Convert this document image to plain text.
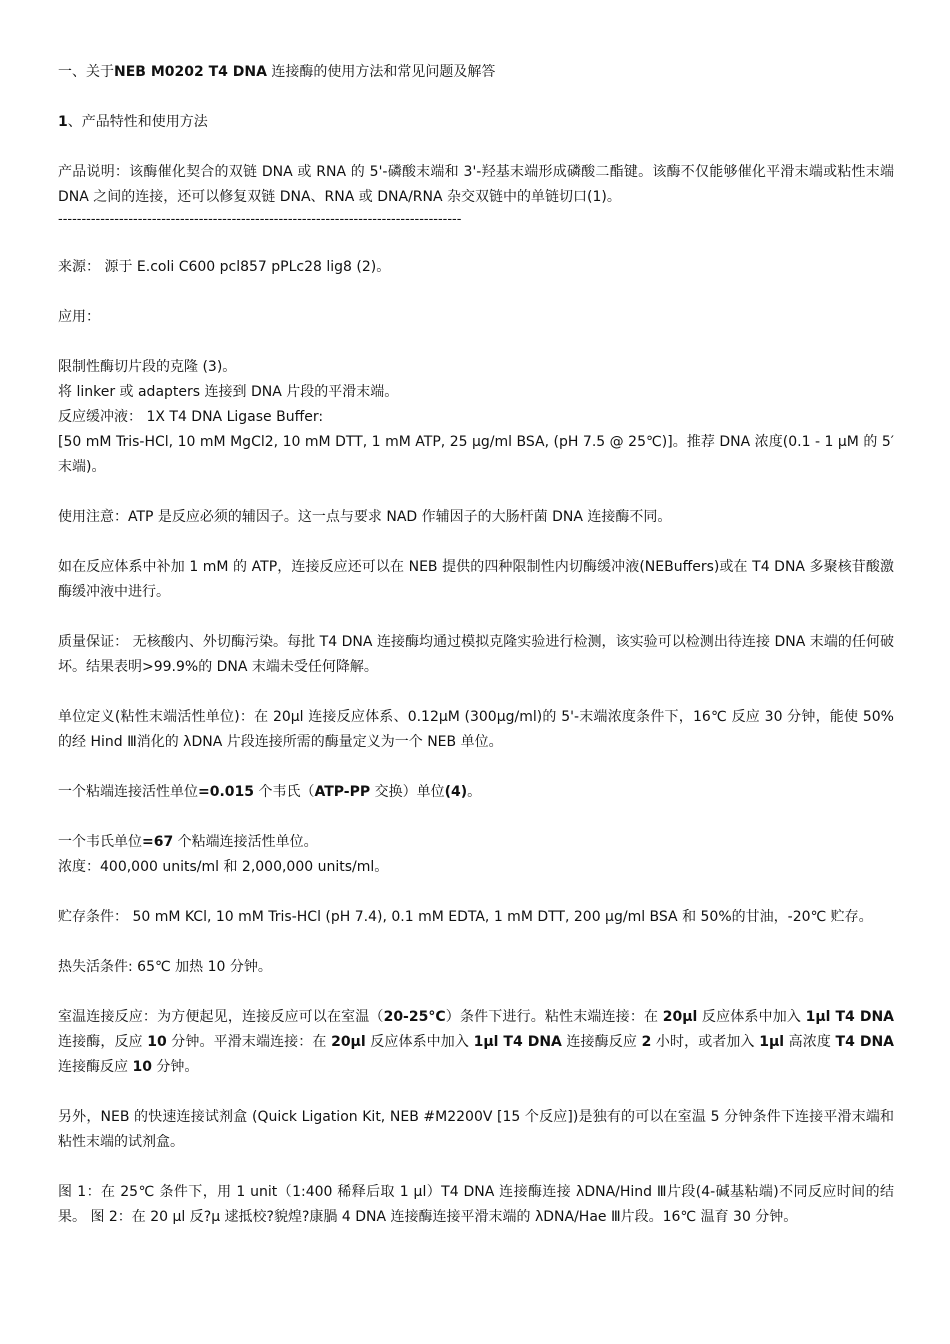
一、关于NEB M0202 T4 DNA 连接酶的使用方法和常见问题及解答

1、产品特性和使用方法

产品说明：该酶催化契合的双链 DNA 或 RNA 的 5'-磷酸末端和 3'-羟基末端形成磷酸二酯键。该酶不仅能够催化平滑末端或粘性末端 DNA 之间的连接，还可以修复双链 DNA、RNA 或 DNA/RNA 杂交双链中的单链切口(1)。

--------------------------------------------------------------------------------------

来源： 源于 E.coli C600 pcl857 pPLc28 lig8 (2)。

应用：

限制性酶切片段的克隆 (3)。

将 linker 或 adapters 连接到 DNA 片段的平滑末端。

反应缓冲液： 1X T4 DNA Ligase Buffer:

[50 mM Tris-HCl, 10 mM MgCl2, 10 mM DTT, 1 mM ATP, 25 μg/ml BSA, (pH 7.5 @ 25℃)]。推荐 DNA 浓度(0.1 - 1 μM 的 5′末端)。

使用注意：ATP 是反应必须的辅因子。这一点与要求 NAD 作辅因子的大肠杆菌 DNA 连接酶不同。

如在反应体系中补加 1 mM 的 ATP，连接反应还可以在 NEB 提供的四种限制性内切酶缓冲液(NEBuffers)或在 T4 DNA 多聚核苷酸激酶缓冲液中进行。

质量保证： 无核酸内、外切酶污染。每批 T4 DNA 连接酶均通过模拟克隆实验进行检测，该实验可以检测出待连接 DNA 末端的任何破坏。结果表明>99.9%的 DNA 末端未受任何降解。

单位定义(粘性末端活性单位)：在 20μl 连接反应体系、0.12μM (300μg/ml)的 5'-末端浓度条件下，16℃ 反应 30 分钟，能使 50% 的经 Hind Ⅲ消化的 λDNA 片段连接所需的酶量定义为一个 NEB 单位。

一个粘端连接活性单位=0.015 个韦氏（ATP-PP 交换）单位(4)。

一个韦氏单位=67 个粘端连接活性单位。

浓度：400,000 units/ml 和 2,000,000 units/ml。

贮存条件： 50 mM KCl, 10 mM Tris-HCl (pH 7.4), 0.1 mM EDTA, 1 mM DTT, 200 μg/ml BSA 和 50%的甘油，-20℃ 贮存。

热失活条件: 65℃ 加热 10 分钟。

室温连接反应：为方便起见，连接反应可以在室温（20-25°C）条件下进行。粘性末端连接：在 20μl 反应体系中加入 1μl T4 DNA 连接酶，反应 10 分钟。平滑末端连接：在 20μl 反应体系中加入 1μl T4 DNA 连接酶反应 2 小时，或者加入 1μl 高浓度 T4 DNA 连接酶反应 10 分钟。

另外，NEB 的快速连接试剂盒 (Quick Ligation Kit, NEB #M2200V [15 个反应])是独有的可以在室温 5 分钟条件下连接平滑末端和粘性末端的试剂盒。

图 1：在 25℃ 条件下，用 1 unit（1:400 稀释后取 1 μl）T4 DNA 连接酶连接 λDNA/Hind Ⅲ片段(4-碱基粘端)不同反应时间的结果。 图 2：在 20 μl 反?μ 逑抵校?貌煌?康腡 4 DNA 连接酶连接平滑末端的 λDNA/Hae Ⅲ片段。16℃ 温育 30 分钟。
